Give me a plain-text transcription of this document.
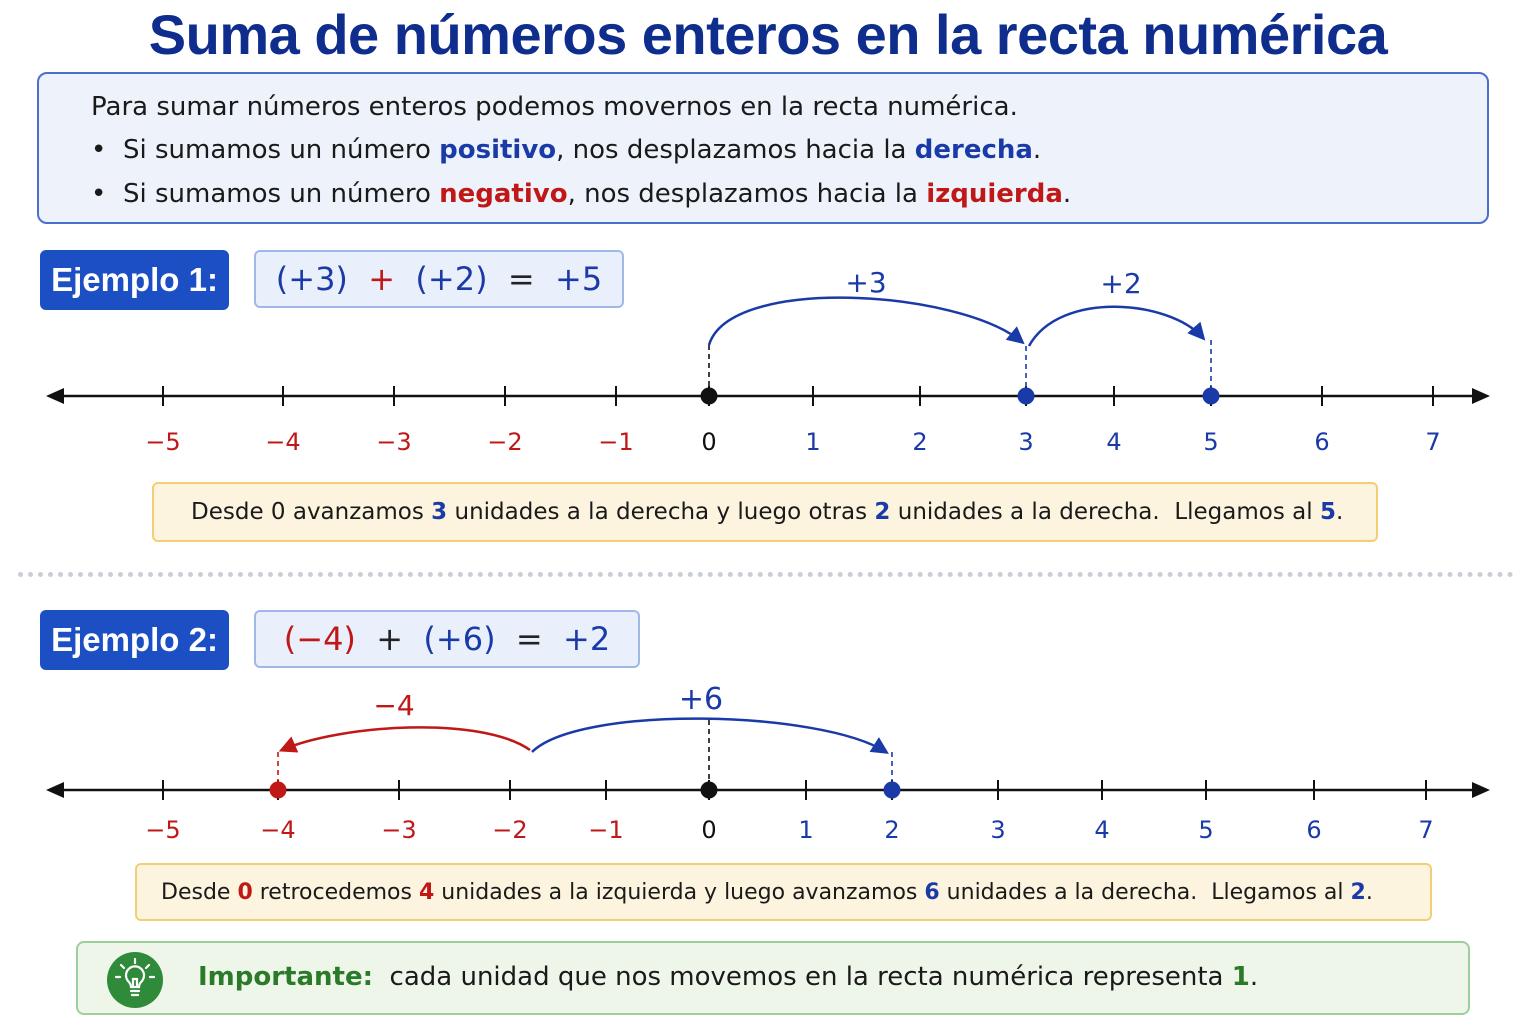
Suma de números enteros en la recta numérica
Para sumar números enteros podemos movernos en la recta numérica.
• Si sumamos un número positivo, nos desplazamos hacia la derecha.
• Si sumamos un número negativo, nos desplazamos hacia la izquierda.
Ejemplo 1:	(+3) + (+2) = +5
−5	−4	−3	−2	−1	0	1	2	3	4	5	6	7
+3	+2
Desde 0 avanzamos 3 unidades a la derecha y luego otras 2 unidades a la derecha.  Llegamos al 5.
Ejemplo 2:	(−4) + (+6) = +2
−5	−4	−3	−2	−1	0	1	2	3	4	5	6	7
−4	+6
Desde 0 retrocedemos 4 unidades a la izquierda y luego avanzamos 6 unidades a la derecha.  Llegamos al 2.
Importante:  cada unidad que nos movemos en la recta numérica representa 1.
